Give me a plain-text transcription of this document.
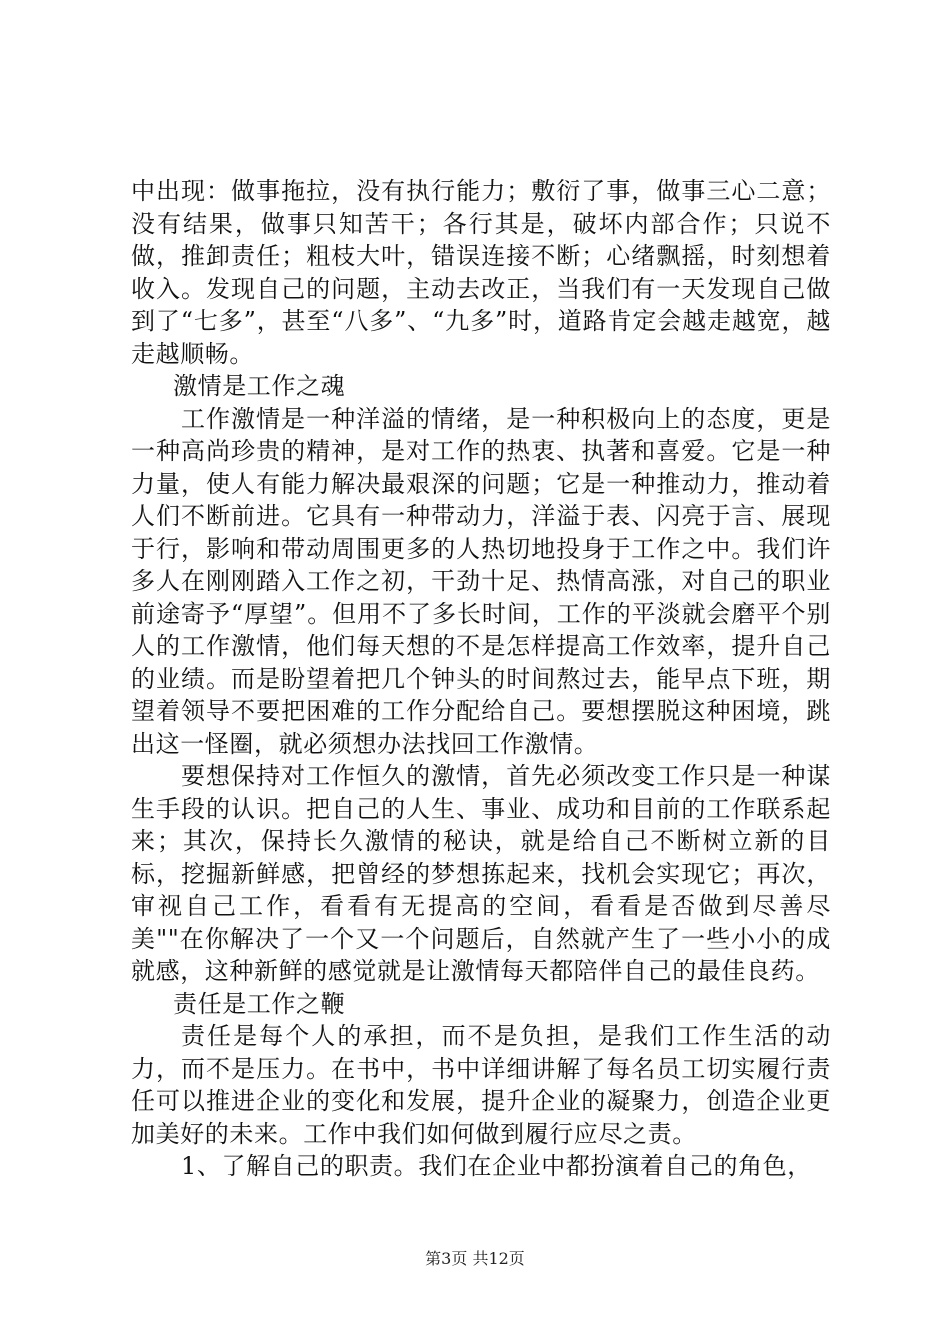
中出现：做事拖拉，没有执行能力；敷衍了事，做事三心二意；没有结果，做事只知苦干；各行其是，破坏内部合作；只说不做，推卸责任；粗枝大叶，错误连接不断；心绪飘摇，时刻想着收入。发现自己的问题，主动去改正，当我们有一天发现自己做到了“七多”，甚至“八多”、“九多”时，道路肯定会越走越宽，越走越顺畅。

激情是工作之魂

工作激情是一种洋溢的情绪，是一种积极向上的态度，更是一种高尚珍贵的精神，是对工作的热衷、执著和喜爱。它是一种力量，使人有能力解决最艰深的问题；它是一种推动力，推动着人们不断前进。它具有一种带动力，洋溢于表、闪亮于言、展现于行，影响和带动周围更多的人热切地投身于工作之中。我们许多人在刚刚踏入工作之初，干劲十足、热情高涨，对自己的职业前途寄予“厚望”。但用不了多长时间，工作的平淡就会磨平个别人的工作激情，他们每天想的不是怎样提高工作效率，提升自己的业绩。而是盼望着把几个钟头的时间熬过去，能早点下班，期望着领导不要把困难的工作分配给自己。要想摆脱这种困境，跳出这一怪圈，就必须想办法找回工作激情。

要想保持对工作恒久的激情，首先必须改变工作只是一种谋生手段的认识。把自己的人生、事业、成功和目前的工作联系起来；其次，保持长久激情的秘诀，就是给自己不断树立新的目标，挖掘新鲜感，把曾经的梦想拣起来，找机会实现它；再次，审视自己工作，看看有无提高的空间，看看是否做到尽善尽美""在你解决了一个又一个问题后，自然就产生了一些小小的成就感，这种新鲜的感觉就是让激情每天都陪伴自己的最佳良药。

责任是工作之鞭

责任是每个人的承担，而不是负担，是我们工作生活的动力，而不是压力。在书中，书中详细讲解了每名员工切实履行责任可以推进企业的变化和发展，提升企业的凝聚力，创造企业更加美好的未来。工作中我们如何做到履行应尽之责。

1、了解自己的职责。我们在企业中都扮演着自己的角色，

第3页 共12页
